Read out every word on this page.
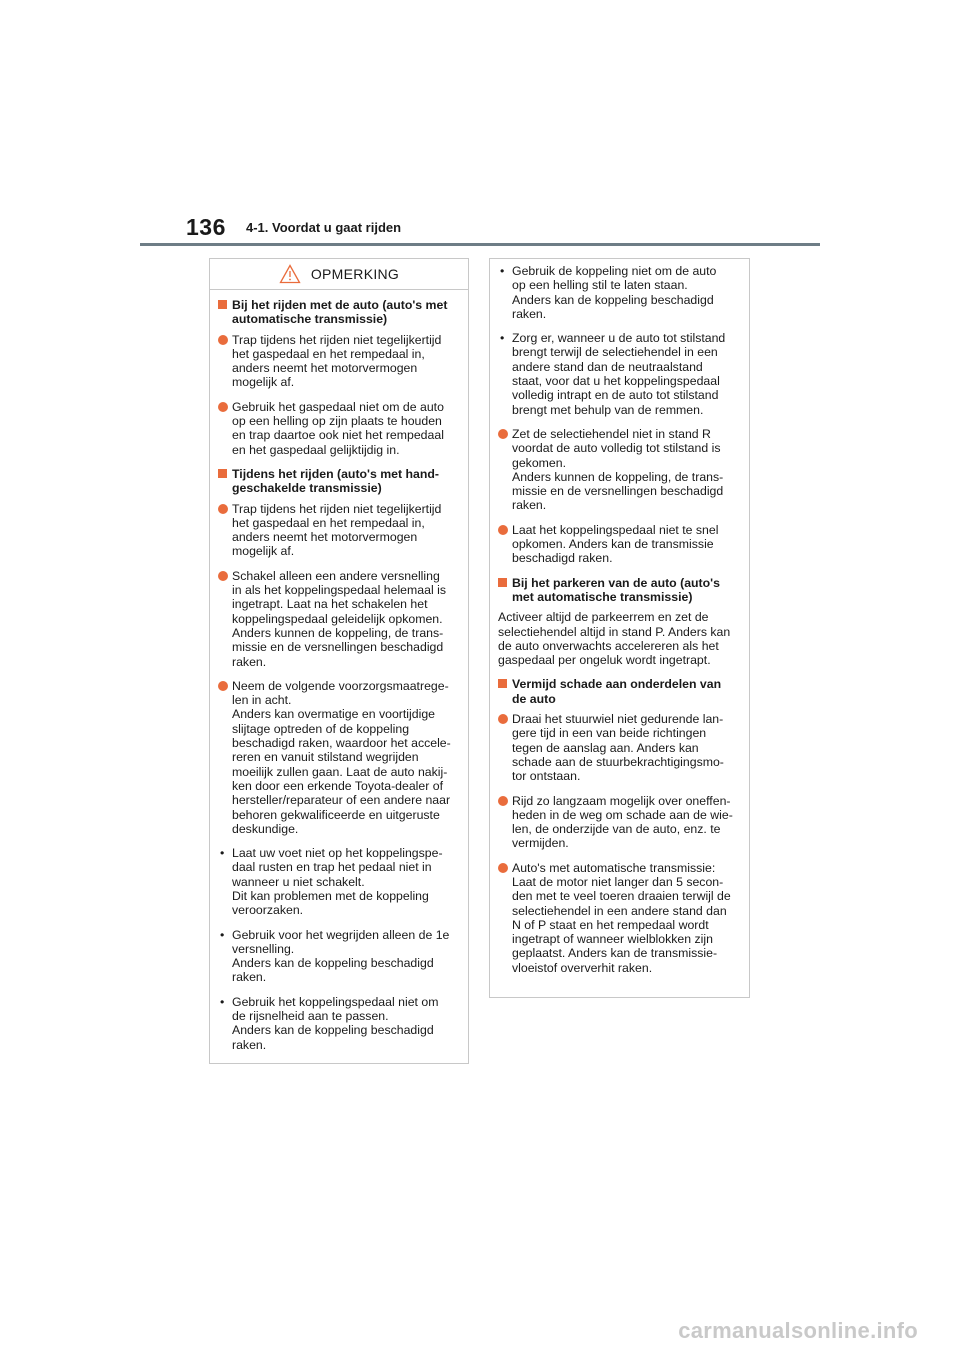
136 4-1. Voordat u gaat rijden
OPMERKING
Bij het rijden met de auto (auto's met
automatische transmissie)
Trap tijdens het rijden niet tegelijkertijd
het gaspedaal en het rempedaal in,
anders neemt het motorvermogen
mogelijk af.
Gebruik het gaspedaal niet om de auto
op een helling op zijn plaats te houden
en trap daartoe ook niet het rempedaal
en het gaspedaal gelijktijdig in.
Tijdens het rijden (auto's met hand-
geschakelde transmissie)
Trap tijdens het rijden niet tegelijkertijd
het gaspedaal en het rempedaal in,
anders neemt het motorvermogen
mogelijk af.
Schakel alleen een andere versnelling
in als het koppelingspedaal helemaal is
ingetrapt. Laat na het schakelen het
koppelingspedaal geleidelijk opkomen.
Anders kunnen de koppeling, de trans-
missie en de versnellingen beschadigd
raken.
Neem de volgende voorzorgsmaatrege-
len in acht.
Anders kan overmatige en voortijdige
slijtage optreden of de koppeling
beschadigd raken, waardoor het accele-
reren en vanuit stilstand wegrijden
moeilijk zullen gaan. Laat de auto nakij-
ken door een erkende Toyota-dealer of
hersteller/reparateur of een andere naar
behoren gekwalificeerde en uitgeruste
deskundige.
• Laat uw voet niet op het koppelingspe-
daal rusten en trap het pedaal niet in
wanneer u niet schakelt.
Dit kan problemen met de koppeling
veroorzaken.
• Gebruik voor het wegrijden alleen de 1e
versnelling.
Anders kan de koppeling beschadigd
raken.
• Gebruik het koppelingspedaal niet om
de rijsnelheid aan te passen.
Anders kan de koppeling beschadigd
raken.
• Gebruik de koppeling niet om de auto
op een helling stil te laten staan.
Anders kan de koppeling beschadigd
raken.
• Zorg er, wanneer u de auto tot stilstand
brengt terwijl de selectiehendel in een
andere stand dan de neutraalstand
staat, voor dat u het koppelingspedaal
volledig intrapt en de auto tot stilstand
brengt met behulp van de remmen.
Zet de selectiehendel niet in stand R
voordat de auto volledig tot stilstand is
gekomen.
Anders kunnen de koppeling, de trans-
missie en de versnellingen beschadigd
raken.
Laat het koppelingspedaal niet te snel
opkomen. Anders kan de transmissie
beschadigd raken.
Bij het parkeren van de auto (auto's
met automatische transmissie)
Activeer altijd de parkeerrem en zet de
selectiehendel altijd in stand P. Anders kan
de auto onverwachts accelereren als het
gaspedaal per ongeluk wordt ingetrapt.
Vermijd schade aan onderdelen van
de auto
Draai het stuurwiel niet gedurende lan-
gere tijd in een van beide richtingen
tegen de aanslag aan. Anders kan
schade aan de stuurbekrachtigingsmo-
tor ontstaan.
Rijd zo langzaam mogelijk over oneffen-
heden in de weg om schade aan de wie-
len, de onderzijde van de auto, enz. te
vermijden.
Auto's met automatische transmissie:
Laat de motor niet langer dan 5 secon-
den met te veel toeren draaien terwijl de
selectiehendel in een andere stand dan
N of P staat en het rempedaal wordt
ingetrapt of wanneer wielblokken zijn
geplaatst. Anders kan de transmissie-
vloeistof oververhit raken.
carmanualsonline.info
